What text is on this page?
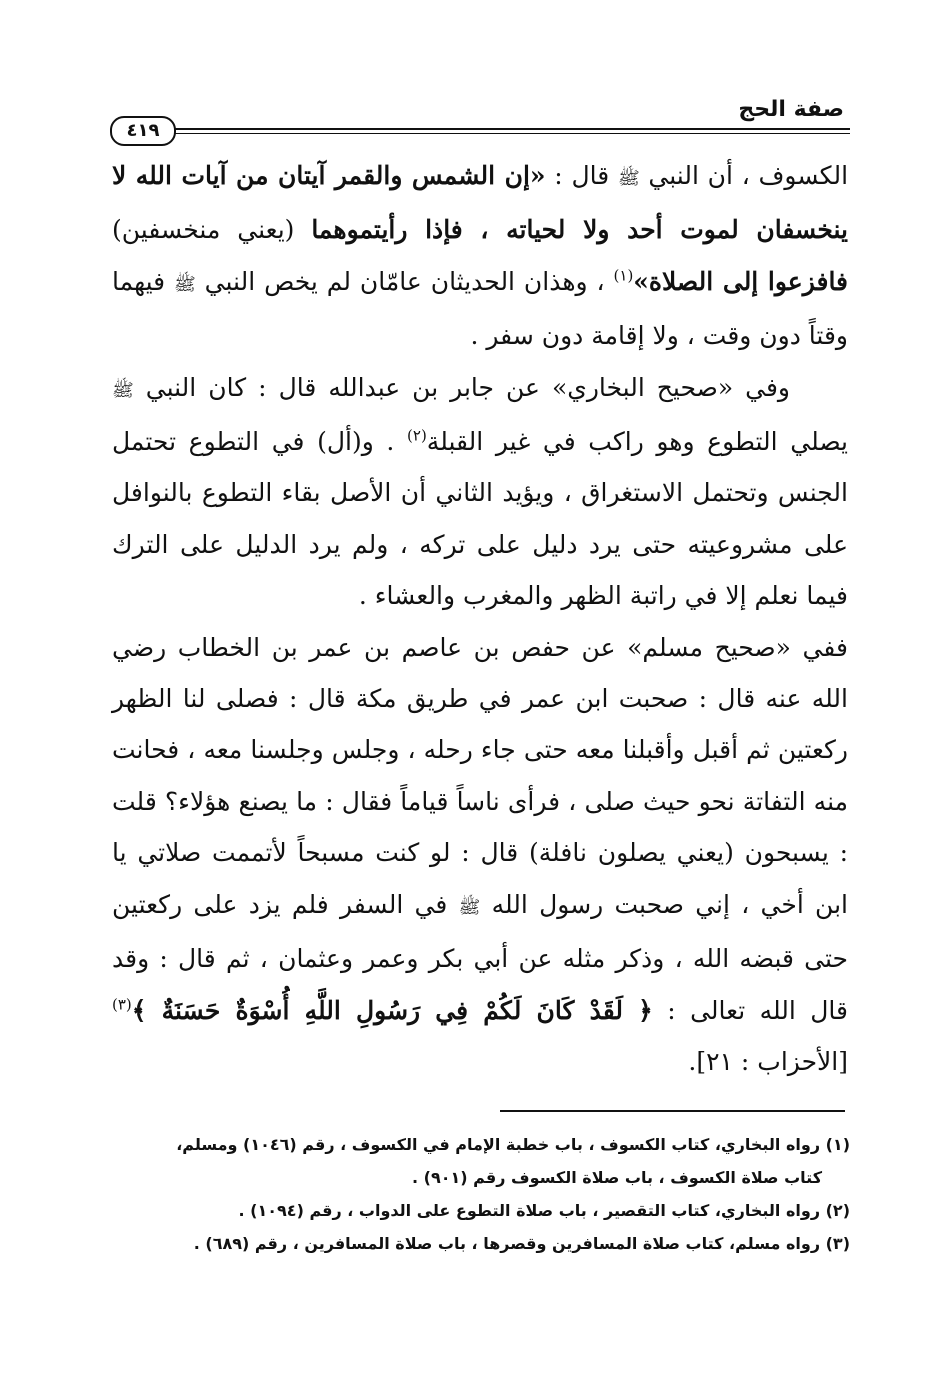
صفة الحج
٤١٩

الكسوف ، أن النبي ﷺ قال : «إن الشمس والقمر آيتان من آيات الله لا ينخسفان لموت أحد ولا لحياته ، فإذا رأيتموهما (يعني منخسفين) فافزعوا إلى الصلاة»$^{(١)}$ ، وهذان الحديثان عامّان لم يخص النبي ﷺ فيهما وقتاً دون وقت ، ولا إقامة دون سفر .

وفي «صحيح البخاري» عن جابر بن عبدالله قال : كان النبي ﷺ يصلي التطوع وهو راكب في غير القبلة$^{(٢)}$ . و(أل) في التطوع تحتمل الجنس وتحتمل الاستغراق ، ويؤيد الثاني أن الأصل بقاء التطوع بالنوافل على مشروعيته حتى يرد دليل على تركه ، ولم يرد الدليل على الترك فيما نعلم إلا في راتبة الظهر والمغرب والعشاء .

ففي «صحيح مسلم» عن حفص بن عاصم بن عمر بن الخطاب رضي الله عنه قال : صحبت ابن عمر في طريق مكة قال : فصلى لنا الظهر ركعتين ثم أقبل وأقبلنا معه حتى جاء رحله ، وجلس وجلسنا معه ، فحانت منه التفاتة نحو حيث صلى ، فرأى ناساً قياماً فقال : ما يصنع هؤلاء؟ قلت : يسبحون (يعني يصلون نافلة) قال : لو كنت مسبحاً لأتممت صلاتي يا ابن أخي ، إني صحبت رسول الله ﷺ في السفر فلم يزد على ركعتين حتى قبضه الله ، وذكر مثله عن أبي بكر وعمر وعثمان ، ثم قال : وقد قال الله تعالى : ﴿ لَقَدْ كَانَ لَكُمْ فِي رَسُولِ اللَّهِ أُسْوَةٌ حَسَنَةٌ ﴾$^{(٣)}$ [الأحزاب : ٢١].

(١) رواه البخاري، كتاب الكسوف ، باب خطبة الإمام في الكسوف ، رقم (١٠٤٦) ومسلم،

كتاب صلاة الكسوف ، باب صلاة الكسوف رقم (٩٠١) .

(٢) رواه البخاري، كتاب التقصير ، باب صلاة التطوع على الدواب ، رقم (١٠٩٤) .

(٣) رواه مسلم، كتاب صلاة المسافرين وقصرها ، باب صلاة المسافرين ، رقم (٦٨٩) .
